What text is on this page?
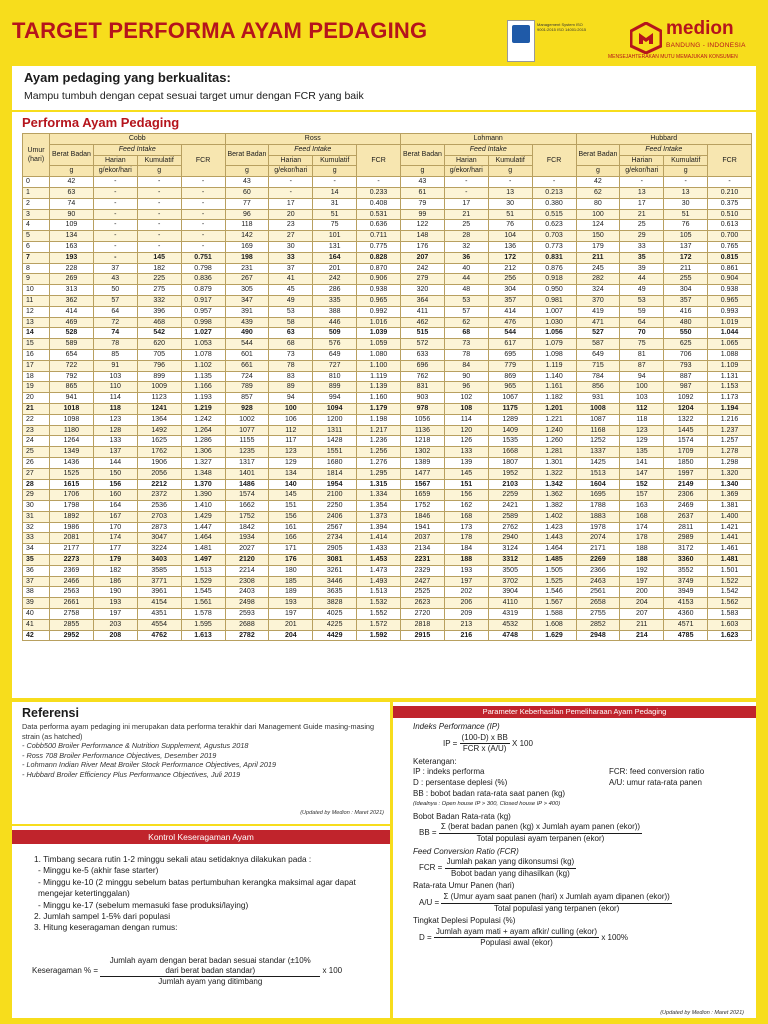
TARGET PERFORMA AYAM PEDAGING	Management System ISO 9001:2015 ISO 14001:2015	medion
BANDUNG - INDONESIA
MENSEJAHTERAKAN MUTU MEMAJUKAN KONSUMEN
Ayam pedaging yang berkualitas:
Mampu tumbuh dengan cepat sesuai target umur dengan FCR yang baik
Performa Ayam Pedaging
Umur (hari)	Cobb				Ross				Lohmann				Hubbard			
	Berat Badan	Feed Intake		FCR	Berat Badan	Feed Intake		FCR	Berat Badan	Feed Intake		FCR	Berat Badan	Feed Intake		FCR
		Harian	Kumulatif			Harian	Kumulatif			Harian	Kumulatif			Harian	Kumulatif	
	g	g/ekor/hari	g		g	g/ekor/hari	g		g	g/ekor/hari	g		g	g/ekor/hari	g	
0	42	-	-	-	43	-	-	-	43	-	-	-	42	-	-	-
1	63	-	-	-	60	-	14	0.233	61	-	13	0.213	62	13	13	0.210
2	74	-	-	-	77	17	31	0.408	79	17	30	0.380	80	17	30	0.375
3	90	-	-	-	96	20	51	0.531	99	21	51	0.515	100	21	51	0.510
4	109	-	-	-	118	23	75	0.636	122	25	76	0.623	124	25	76	0.613
5	134	-	-	-	142	27	101	0.711	148	28	104	0.703	150	29	105	0.700
6	163	-	-	-	169	30	131	0.775	176	32	136	0.773	179	33	137	0.765
7	193	-	145	0.751	198	33	164	0.828	207	36	172	0.831	211	35	172	0.815
8	228	37	182	0.798	231	37	201	0.870	242	40	212	0.876	245	39	211	0.861
9	269	43	225	0.836	267	41	242	0.906	279	44	256	0.918	282	44	255	0.904
10	313	50	275	0.879	305	45	286	0.938	320	48	304	0.950	324	49	304	0.938
11	362	57	332	0.917	347	49	335	0.965	364	53	357	0.981	370	53	357	0.965
12	414	64	396	0.957	391	53	388	0.992	411	57	414	1.007	419	59	416	0.993
13	469	72	468	0.998	439	58	446	1.016	462	62	476	1.030	471	64	480	1.019
14	528	74	542	1.027	490	63	509	1.039	515	68	544	1.056	527	70	550	1.044
15	589	78	620	1.053	544	68	576	1.059	572	73	617	1.079	587	75	625	1.065
16	654	85	705	1.078	601	73	649	1.080	633	78	695	1.098	649	81	706	1.088
17	722	91	796	1.102	661	78	727	1.100	696	84	779	1.119	715	87	793	1.109
18	792	103	899	1.135	724	83	810	1.119	762	90	869	1.140	784	94	887	1.131
19	865	110	1009	1.166	789	89	899	1.139	831	96	965	1.161	856	100	987	1.153
20	941	114	1123	1.193	857	94	994	1.160	903	102	1067	1.182	931	103	1092	1.173
21	1018	118	1241	1.219	928	100	1094	1.179	978	108	1175	1.201	1008	112	1204	1.194
22	1098	123	1364	1.242	1002	106	1200	1.198	1056	114	1289	1.221	1087	118	1322	1.216
23	1180	128	1492	1.264	1077	112	1311	1.217	1136	120	1409	1.240	1168	123	1445	1.237
24	1264	133	1625	1.286	1155	117	1428	1.236	1218	126	1535	1.260	1252	129	1574	1.257
25	1349	137	1762	1.306	1235	123	1551	1.256	1302	133	1668	1.281	1337	135	1709	1.278
26	1436	144	1906	1.327	1317	129	1680	1.276	1389	139	1807	1.301	1425	141	1850	1.298
27	1525	150	2056	1.348	1401	134	1814	1.295	1477	145	1952	1.322	1513	147	1997	1.320
28	1615	156	2212	1.370	1486	140	1954	1.315	1567	151	2103	1.342	1604	152	2149	1.340
29	1706	160	2372	1.390	1574	145	2100	1.334	1659	156	2259	1.362	1695	157	2306	1.369
30	1798	164	2536	1.410	1662	151	2250	1.354	1752	162	2421	1.382	1788	163	2469	1.381
31	1892	167	2703	1.429	1752	156	2406	1.373	1846	168	2589	1.402	1883	168	2637	1.400
32	1986	170	2873	1.447	1842	161	2567	1.394	1941	173	2762	1.423	1978	174	2811	1.421
33	2081	174	3047	1.464	1934	166	2734	1.414	2037	178	2940	1.443	2074	178	2989	1.441
34	2177	177	3224	1.481	2027	171	2905	1.433	2134	184	3124	1.464	2171	188	3172	1.461
35	2273	179	3403	1.497	2120	176	3081	1.453	2231	188	3312	1.485	2269	188	3360	1.481
36	2369	182	3585	1.513	2214	180	3261	1.473	2329	193	3505	1.505	2366	192	3552	1.501
37	2466	186	3771	1.529	2308	185	3446	1.493	2427	197	3702	1.525	2463	197	3749	1.522
38	2563	190	3961	1.545	2403	189	3635	1.513	2525	202	3904	1.546	2561	200	3949	1.542
39	2661	193	4154	1.561	2498	193	3828	1.532	2623	206	4110	1.567	2658	204	4153	1.562
40	2758	197	4351	1.578	2593	197	4025	1.552	2720	209	4319	1.588	2755	207	4360	1.583
41	2855	203	4554	1.595	2688	201	4225	1.572	2818	213	4532	1.608	2852	211	4571	1.603
42	2952	208	4762	1.613	2782	204	4429	1.592	2915	216	4748	1.629	2948	214	4785	1.623
Referensi
Data performa ayam pedaging ini merupakan data performa terakhir dari Management Guide masing-masing strain (as hatched)
- Cobb500 Broiler Performance & Nutrition Supplement, Agustus 2018
- Ross 708 Broiler Performance Objectives, Desember 2019
- Lohmann Indian River Meat Broiler Stock Performance Objectives, April 2019
- Hubbard Broiler Efficiency Plus Performance Objectives, Juli 2019
(Updated by Medion : Maret 2021)
Kontrol Keseragaman Ayam
1. Timbang secara rutin 1-2 minggu sekali atau setidaknya dilakukan pada :
- Minggu ke-5 (akhir fase starter)
- Minggu ke-10 (2 minggu sebelum batas pertumbuhan kerangka maksimal agar dapat mengejar ketertinggalan)
- Minggu ke-17 (sebelum memasuki fase produksi/laying)
2. Jumlah sampel 1-5% dari populasi
3. Hitung keseragaman dengan rumus:
Keseragaman % =
Jumlah ayam dengan berat badan sesuai standar (±10% dari berat badan standar)
Jumlah ayam yang ditimbang
x 100
Parameter Keberhasilan Pemeliharaan Ayam Pedaging
Indeks Performance (IP)
IP =
(100-D) x BB
FCR x (A/U)
X 100
Keterangan:
IP : indeks performa	FCR: feed conversion ratio
D : persentase deplesi (%)	A/U: umur rata-rata panen
BB : bobot badan rata-rata saat panen (kg)
(Idealnya : Open house IP > 300, Closed house IP > 400)
Bobot Badan Rata-rata (kg)
BB =
Σ (berat badan panen (kg) x Jumlah ayam panen (ekor))
Total populasi ayam terpanen (ekor)
Feed Conversion Ratio (FCR)
FCR =
Jumlah pakan yang dikonsumsi (kg)
Bobot badan yang dihasilkan (kg)
Rata-rata Umur Panen (hari)
A/U =
Σ (Umur ayam saat panen (hari) x Jumlah ayam dipanen (ekor))
Total populasi yang terpanen (ekor)
Tingkat Deplesi Populasi (%)
D =
Jumlah ayam mati + ayam afkir/ culling (ekor)
Populasi awal (ekor)
x 100%
(Updated by Medion : Maret 2021)
